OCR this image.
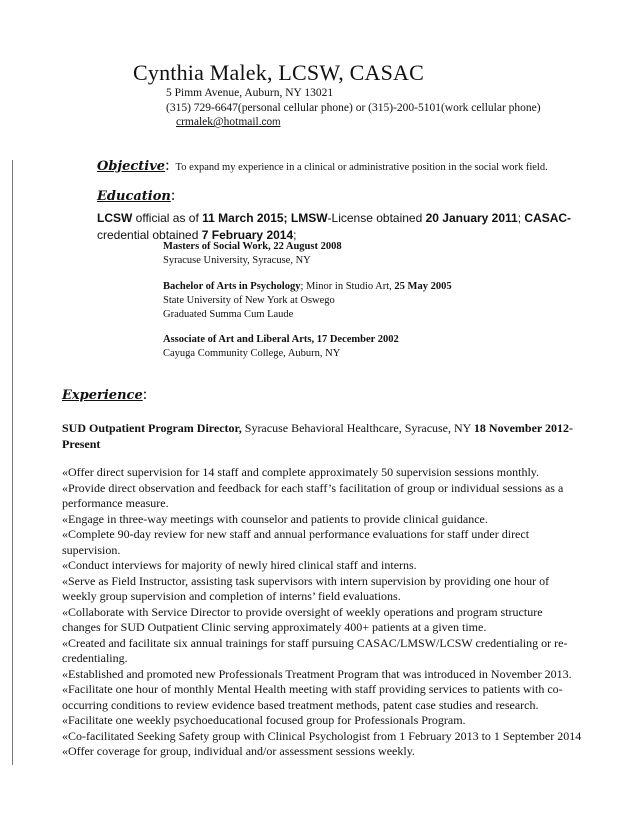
Cynthia Malek, LCSW, CASAC
5 Pimm Avenue, Auburn, NY 13021
(315) 729-6647(personal cellular phone) or (315)-200-5101(work cellular phone)
crmalek@hotmail.com
Objective: To expand my experience in a clinical or administrative position in the social work field.
Education:
LCSW official as of 11 March 2015; LMSW-License obtained 20 January 2011; CASAC-
credential obtained 7 February 2014;
Masters of Social Work, 22 August 2008
Syracuse University, Syracuse, NY
Bachelor of Arts in Psychology; Minor in Studio Art, 25 May 2005
State University of New York at Oswego
Graduated Summa Cum Laude
Associate of Art and Liberal Arts, 17 December 2002
Cayuga Community College, Auburn, NY
Experience:
SUD Outpatient Program Director, Syracuse Behavioral Healthcare, Syracuse, NY 18 November 2012-Present
«Offer direct supervision for 14 staff and complete approximately 50 supervision sessions monthly.
«Provide direct observation and feedback for each staff’s facilitation of group or individual sessions as a performance measure.
«Engage in three-way meetings with counselor and patients to provide clinical guidance.
«Complete 90-day review for new staff and annual performance evaluations for staff under direct supervision.
«Conduct interviews for majority of newly hired clinical staff and interns.
«Serve as Field Instructor, assisting task supervisors with intern supervision by providing one hour of weekly group supervision and completion of interns’ field evaluations.
«Collaborate with Service Director to provide oversight of weekly operations and program structure changes for SUD Outpatient Clinic serving approximately 400+ patients at a given time.
«Created and facilitate six annual trainings for staff pursuing CASAC/LMSW/LCSW credentialing or re-credentialing.
«Established and promoted new Professionals Treatment Program that was introduced in November 2013.
«Facilitate one hour of monthly Mental Health meeting with staff providing services to patients with co-occurring conditions to review evidence based treatment methods, patent case studies and research.
«Facilitate one weekly psychoeducational focused group for Professionals Program.
«Co-facilitated Seeking Safety group with Clinical Psychologist from 1 February 2013 to 1 September 2014
«Offer coverage for group, individual and/or assessment sessions weekly.
